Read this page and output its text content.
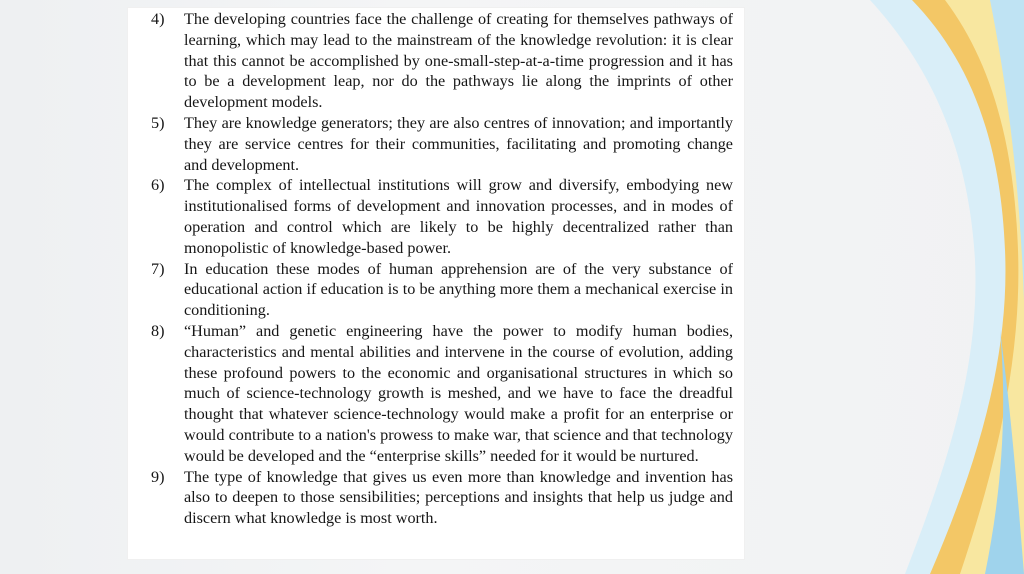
4)	The developing countries face the challenge of creating for themselves pathways of learning, which may lead to the mainstream of the knowledge revolution: it is clear that this cannot be accomplished by one-small-step-at-a-time progression and it has to be a development leap, nor do the pathways lie along the imprints of other development models.
5)	They are knowledge generators; they are also centres of innovation; and importantly they are service centres for their communities, facilitating and promoting change and development.
6)	The complex of intellectual institutions will grow and diversify, embodying new institutionalised forms of development and innovation processes, and in modes of operation and control which are likely to be highly decentralized rather than monopolistic of knowledge-based power.
7)	In education these modes of human apprehension are of the very substance of educational action if education is to be anything more them a mechanical exercise in conditioning.
8)	“Human” and genetic engineering have the power to modify human bodies, characteristics and mental abilities and intervene in the course of evolution, adding these profound powers to the economic and organisational structures in which so much of science-technology growth is meshed, and we have to face the dreadful thought that whatever science-technology would make a profit for an enterprise or would contribute to a nation's prowess to make war, that science and that technology would be developed and the “enterprise skills” needed for it would be nurtured.
9)	The type of knowledge that gives us even more than knowledge and invention has also to deepen to those sensibilities; perceptions and insights that help us judge and discern what knowledge is most worth.
